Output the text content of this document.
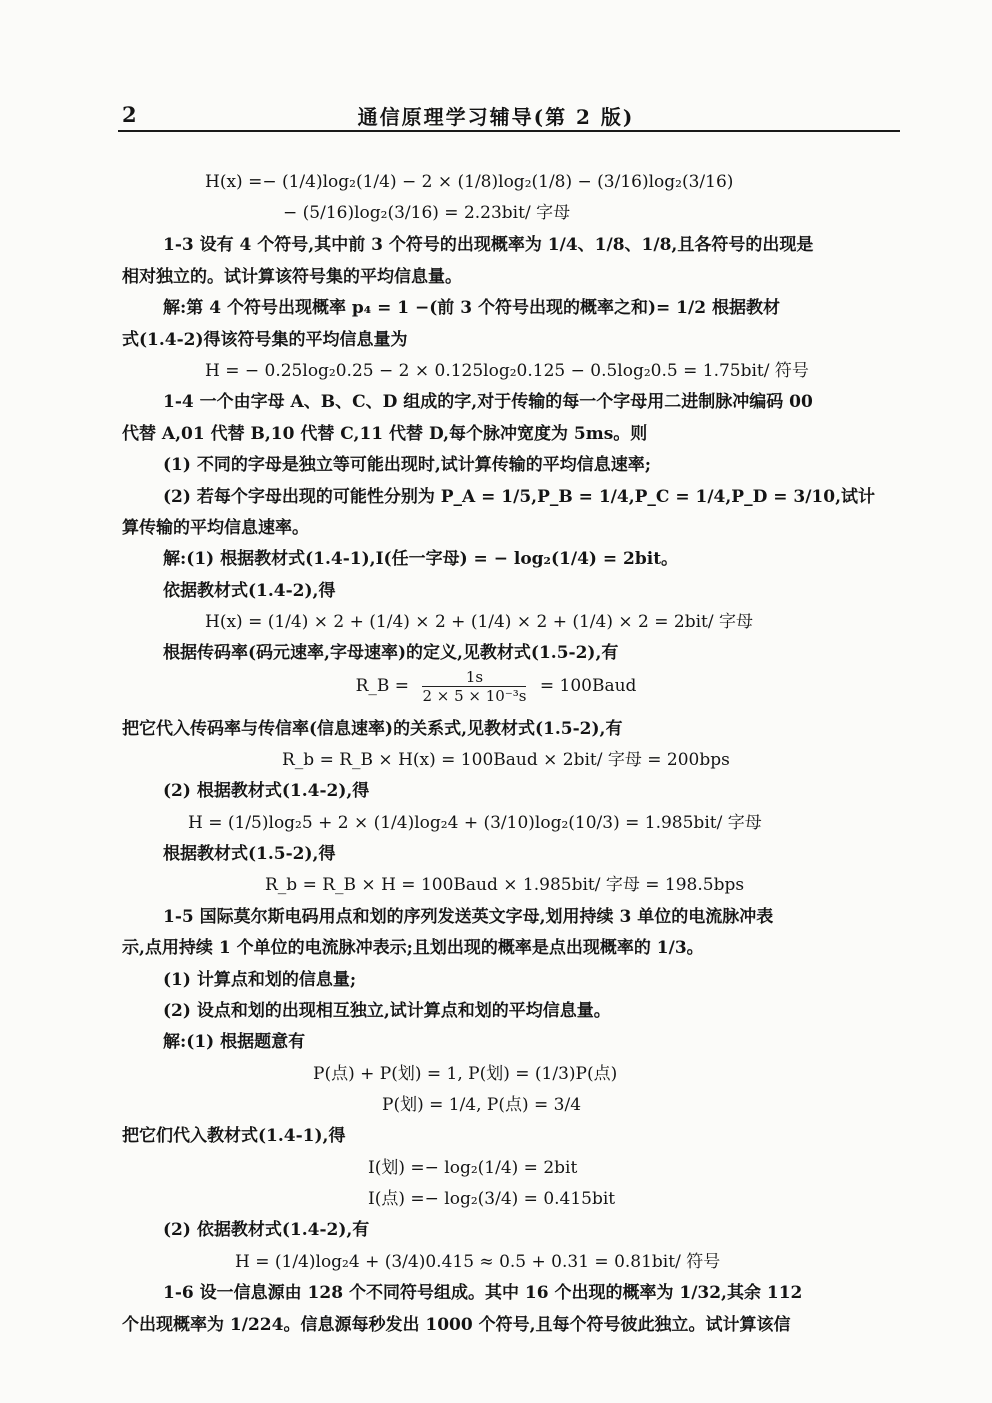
2	通信原理学习辅导(第 2 版)
H(x) =− (1/4)log₂(1/4) − 2 × (1/8)log₂(1/8) − (3/16)log₂(3/16)
− (5/16)log₂(3/16) = 2.23bit/ 字母
1-3 设有 4 个符号,其中前 3 个符号的出现概率为 1/4、1/8、1/8,且各符号的出现是
相对独立的。试计算该符号集的平均信息量。
解:第 4 个符号出现概率 p₄ = 1 −(前 3 个符号出现的概率之和)= 1/2 根据教材
式(1.4-2)得该符号集的平均信息量为
H = − 0.25log₂0.25 − 2 × 0.125log₂0.125 − 0.5log₂0.5 = 1.75bit/ 符号
1-4 一个由字母 A、B、C、D 组成的字,对于传输的每一个字母用二进制脉冲编码 00
代替 A,01 代替 B,10 代替 C,11 代替 D,每个脉冲宽度为 5ms。则
(1) 不同的字母是独立等可能出现时,试计算传输的平均信息速率;
(2) 若每个字母出现的可能性分别为 P_A = 1/5,P_B = 1/4,P_C = 1/4,P_D = 3/10,试计
算传输的平均信息速率。
解:(1) 根据教材式(1.4-1),I(任一字母) = − log₂(1/4) = 2bit。
依据教材式(1.4-2),得
H(x) = (1/4) × 2 + (1/4) × 2 + (1/4) × 2 + (1/4) × 2 = 2bit/ 字母
根据传码率(码元速率,字母速率)的定义,见教材式(1.5-2),有
R_B = $\frac{1s}{\text{2 × 5 × 10⁻³s}}$ = 100Baud
把它代入传码率与传信率(信息速率)的关系式,见教材式(1.5-2),有
R_b = R_B × H(x) = 100Baud × 2bit/ 字母 = 200bps
(2) 根据教材式(1.4-2),得
H = (1/5)log₂5 + 2 × (1/4)log₂4 + (3/10)log₂(10/3) = 1.985bit/ 字母
根据教材式(1.5-2),得
R_b = R_B × H = 100Baud × 1.985bit/ 字母 = 198.5bps
1-5 国际莫尔斯电码用点和划的序列发送英文字母,划用持续 3 单位的电流脉冲表
示,点用持续 1 个单位的电流脉冲表示;且划出现的概率是点出现概率的 1/3。
(1) 计算点和划的信息量;
(2) 设点和划的出现相互独立,试计算点和划的平均信息量。
解:(1) 根据题意有
P(点) + P(划) = 1, P(划) = (1/3)P(点)
P(划) = 1/4, P(点) = 3/4
把它们代入教材式(1.4-1),得
I(划) =− log₂(1/4) = 2bit
I(点) =− log₂(3/4) = 0.415bit
(2) 依据教材式(1.4-2),有
H = (1/4)log₂4 + (3/4)0.415 ≈ 0.5 + 0.31 = 0.81bit/ 符号
1-6 设一信息源由 128 个不同符号组成。其中 16 个出现的概率为 1/32,其余 112
个出现概率为 1/224。信息源每秒发出 1000 个符号,且每个符号彼此独立。试计算该信
